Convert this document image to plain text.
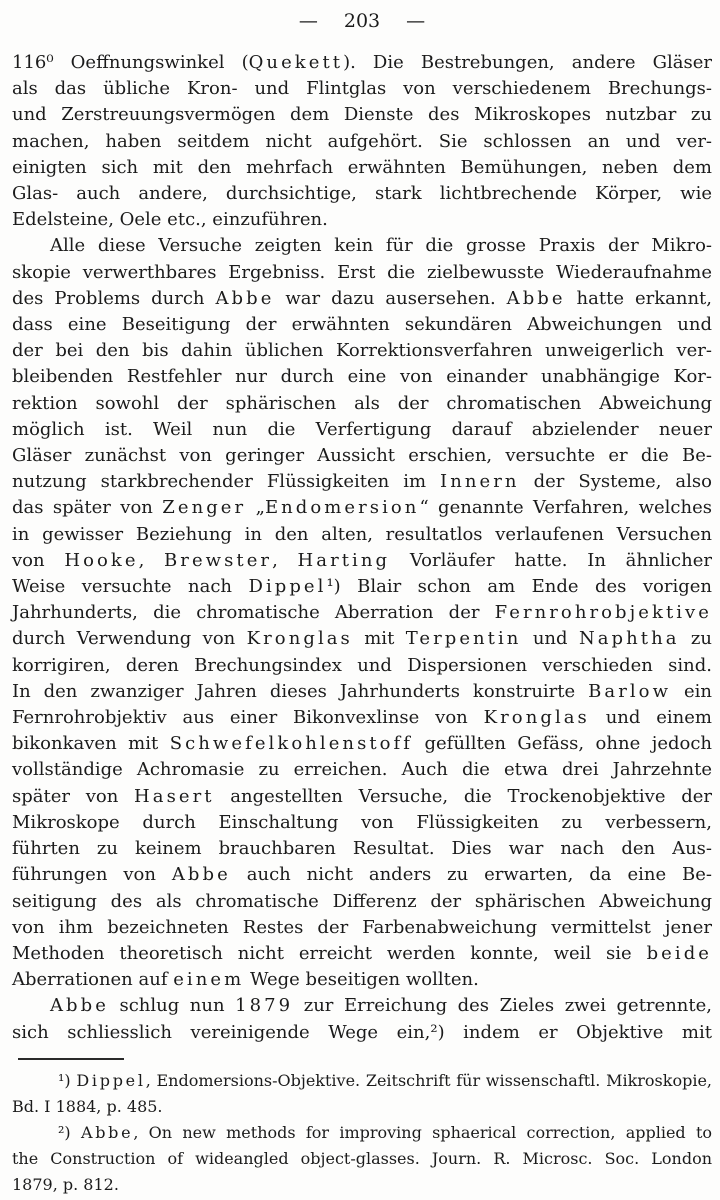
— 203 —
116⁰ Oeffnungswinkel (Quekett). Die Bestrebungen, andere Gläser
als das übliche Kron- und Flintglas von verschiedenem Brechungs-
und Zerstreuungsvermögen dem Dienste des Mikroskopes nutzbar zu
machen, haben seitdem nicht aufgehört. Sie schlossen an und ver-
einigten sich mit den mehrfach erwähnten Bemühungen, neben dem
Glas- auch andere, durchsichtige, stark lichtbrechende Körper, wie
Edelsteine, Oele etc., einzuführen.
Alle diese Versuche zeigten kein für die grosse Praxis der Mikro-
skopie verwerthbares Ergebniss. Erst die zielbewusste Wiederaufnahme
des Problems durch Abbe war dazu ausersehen. Abbe hatte erkannt,
dass eine Beseitigung der erwähnten sekundären Abweichungen und
der bei den bis dahin üblichen Korrektionsverfahren unweigerlich ver-
bleibenden Restfehler nur durch eine von einander unabhängige Kor-
rektion sowohl der sphärischen als der chromatischen Abweichung
möglich ist. Weil nun die Verfertigung darauf abzielender neuer
Gläser zunächst von geringer Aussicht erschien, versuchte er die Be-
nutzung starkbrechender Flüssigkeiten im Innern der Systeme, also
das später von Zenger „Endomersion“ genannte Verfahren, welches
in gewisser Beziehung in den alten, resultatlos verlaufenen Versuchen
von Hooke, Brewster, Harting Vorläufer hatte. In ähnlicher
Weise versuchte nach Dippel¹) Blair schon am Ende des vorigen
Jahrhunderts, die chromatische Aberration der Fernrohrobjektive
durch Verwendung von Kronglas mit Terpentin und Naphtha zu
korrigiren, deren Brechungsindex und Dispersionen verschieden sind.
In den zwanziger Jahren dieses Jahrhunderts konstruirte Barlow ein
Fernrohrobjektiv aus einer Bikonvexlinse von Kronglas und einem
bikonkaven mit Schwefelkohlenstoff gefüllten Gefäss, ohne jedoch
vollständige Achromasie zu erreichen. Auch die etwa drei Jahrzehnte
später von Hasert angestellten Versuche, die Trockenobjektive der
Mikroskope durch Einschaltung von Flüssigkeiten zu verbessern,
führten zu keinem brauchbaren Resultat. Dies war nach den Aus-
führungen von Abbe auch nicht anders zu erwarten, da eine Be-
seitigung des als chromatische Differenz der sphärischen Abweichung
von ihm bezeichneten Restes der Farbenabweichung vermittelst jener
Methoden theoretisch nicht erreicht werden konnte, weil sie beide
Aberrationen auf einem Wege beseitigen wollten.
Abbe schlug nun 1879 zur Erreichung des Zieles zwei getrennte,
sich schliesslich vereinigende Wege ein,²) indem er Objektive mit
¹) Dippel, Endomersions-Objektive. Zeitschrift für wissenschaftl. Mikroskopie,
Bd. I 1884, p. 485.
²) Abbe, On new methods for improving sphaerical correction, applied to
the Construction of wideangled object-glasses. Journ. R. Microsc. Soc. London
1879, p. 812.
